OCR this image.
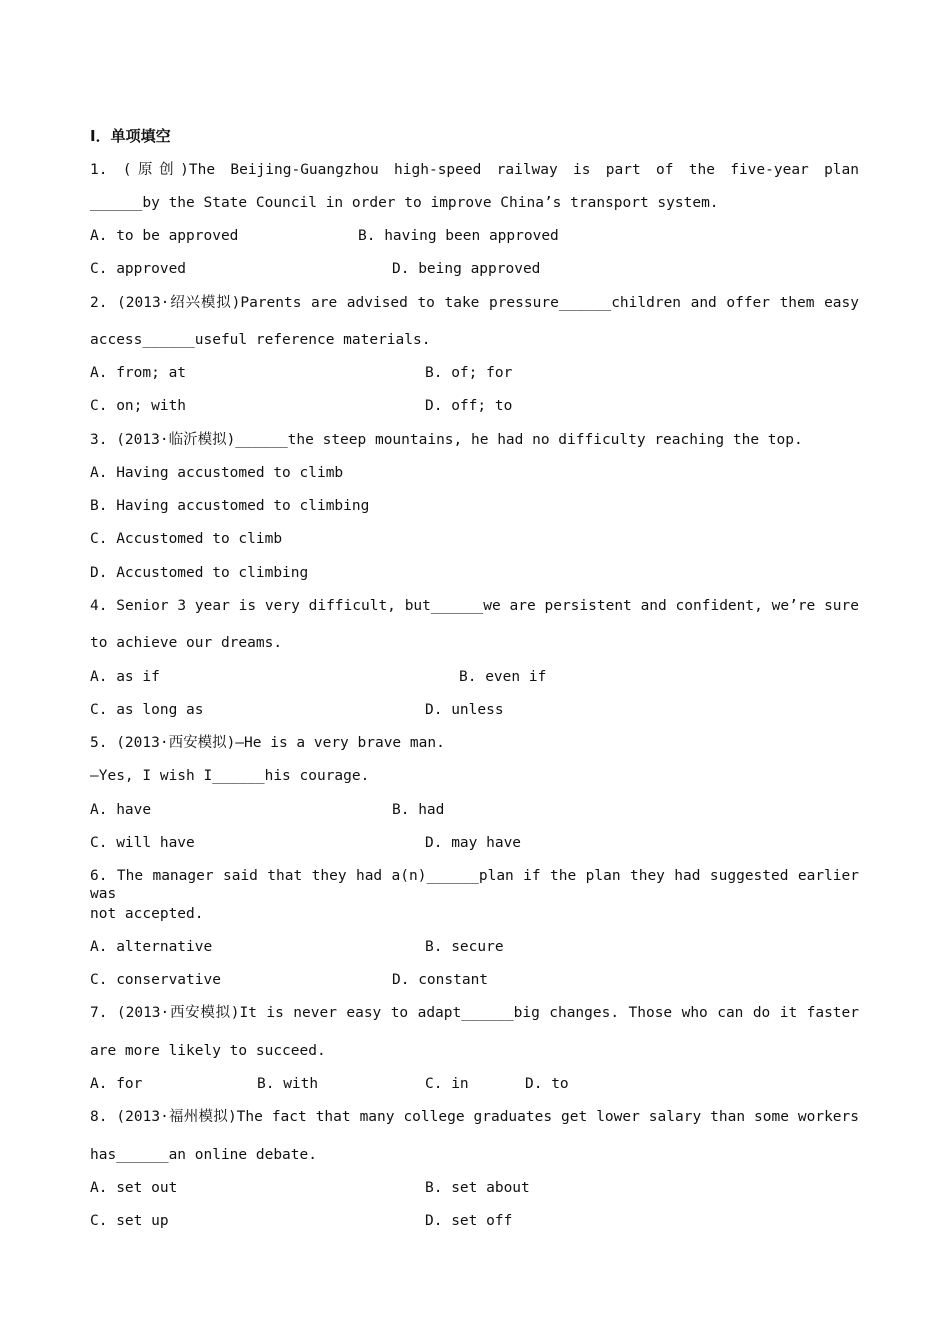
Ⅰ．单项填空
1. (原创)The Beijing-Guangzhou high-speed railway is part of the five-year plan
______by the State Council in order to improve China’s transport system.
A. to be approved	B. having been approved
C. approved	D. being approved
2. (2013·绍兴模拟)Parents are advised to take pressure______children and offer them easy
access______useful reference materials.
A. from; at	B. of; for
C. on; with	D. off; to
3. (2013·临沂模拟)______the steep mountains, he had no difficulty reaching the top.
A. Having accustomed to climb
B. Having accustomed to climbing
C. Accustomed to climb
D. Accustomed to climbing
4. Senior 3 year is very difficult, but______we are persistent and confident, we’re sure
to achieve our dreams.
A. as if	B. even if
C. as long as	D. unless
5. (2013·西安模拟)—He is a very brave man.
—Yes, I wish I______his courage.
A. have	B. had
C. will have	D. may have
6. The manager said that they had a(n)______plan if the plan they had suggested earlier was
not accepted.
A. alternative	B. secure
C. conservative	D. constant
7. (2013·西安模拟)It is never easy to adapt______big changes. Those who can do it faster
are more likely to succeed.
A. for	B. with	C. in	D. to
8. (2013·福州模拟)The fact that many college graduates get lower salary than some workers
has______an online debate.
A. set out	B. set about
C. set up	D. set off
